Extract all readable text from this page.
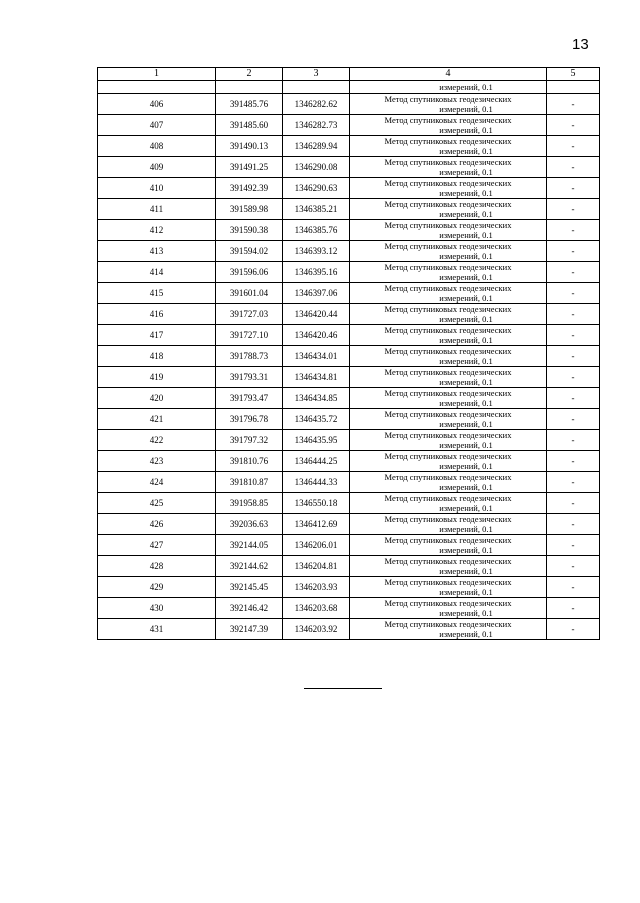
13
1	2	3	4	5

			измерений, 0.1	

406	391485.76	1346282.62	Метод спутниковых геодезических
измерений, 0.1	-
407	391485.60	1346282.73	Метод спутниковых геодезических
измерений, 0.1	-
408	391490.13	1346289.94	Метод спутниковых геодезических
измерений, 0.1	-
409	391491.25	1346290.08	Метод спутниковых геодезических
измерений, 0.1	-
410	391492.39	1346290.63	Метод спутниковых геодезических
измерений, 0.1	-
411	391589.98	1346385.21	Метод спутниковых геодезических
измерений, 0.1	-
412	391590.38	1346385.76	Метод спутниковых геодезических
измерений, 0.1	-
413	391594.02	1346393.12	Метод спутниковых геодезических
измерений, 0.1	-
414	391596.06	1346395.16	Метод спутниковых геодезических
измерений, 0.1	-
415	391601.04	1346397.06	Метод спутниковых геодезических
измерений, 0.1	-
416	391727.03	1346420.44	Метод спутниковых геодезических
измерений, 0.1	-
417	391727.10	1346420.46	Метод спутниковых геодезических
измерений, 0.1	-
418	391788.73	1346434.01	Метод спутниковых геодезических
измерений, 0.1	-
419	391793.31	1346434.81	Метод спутниковых геодезических
измерений, 0.1	-
420	391793.47	1346434.85	Метод спутниковых геодезических
измерений, 0.1	-
421	391796.78	1346435.72	Метод спутниковых геодезических
измерений, 0.1	-
422	391797.32	1346435.95	Метод спутниковых геодезических
измерений, 0.1	-
423	391810.76	1346444.25	Метод спутниковых геодезических
измерений, 0.1	-
424	391810.87	1346444.33	Метод спутниковых геодезических
измерений, 0.1	-
425	391958.85	1346550.18	Метод спутниковых геодезических
измерений, 0.1	-
426	392036.63	1346412.69	Метод спутниковых геодезических
измерений, 0.1	-
427	392144.05	1346206.01	Метод спутниковых геодезических
измерений, 0.1	-
428	392144.62	1346204.81	Метод спутниковых геодезических
измерений, 0.1	-
429	392145.45	1346203.93	Метод спутниковых геодезических
измерений, 0.1	-
430	392146.42	1346203.68	Метод спутниковых геодезических
измерений, 0.1	-
431	392147.39	1346203.92	Метод спутниковых геодезических
измерений, 0.1	-
